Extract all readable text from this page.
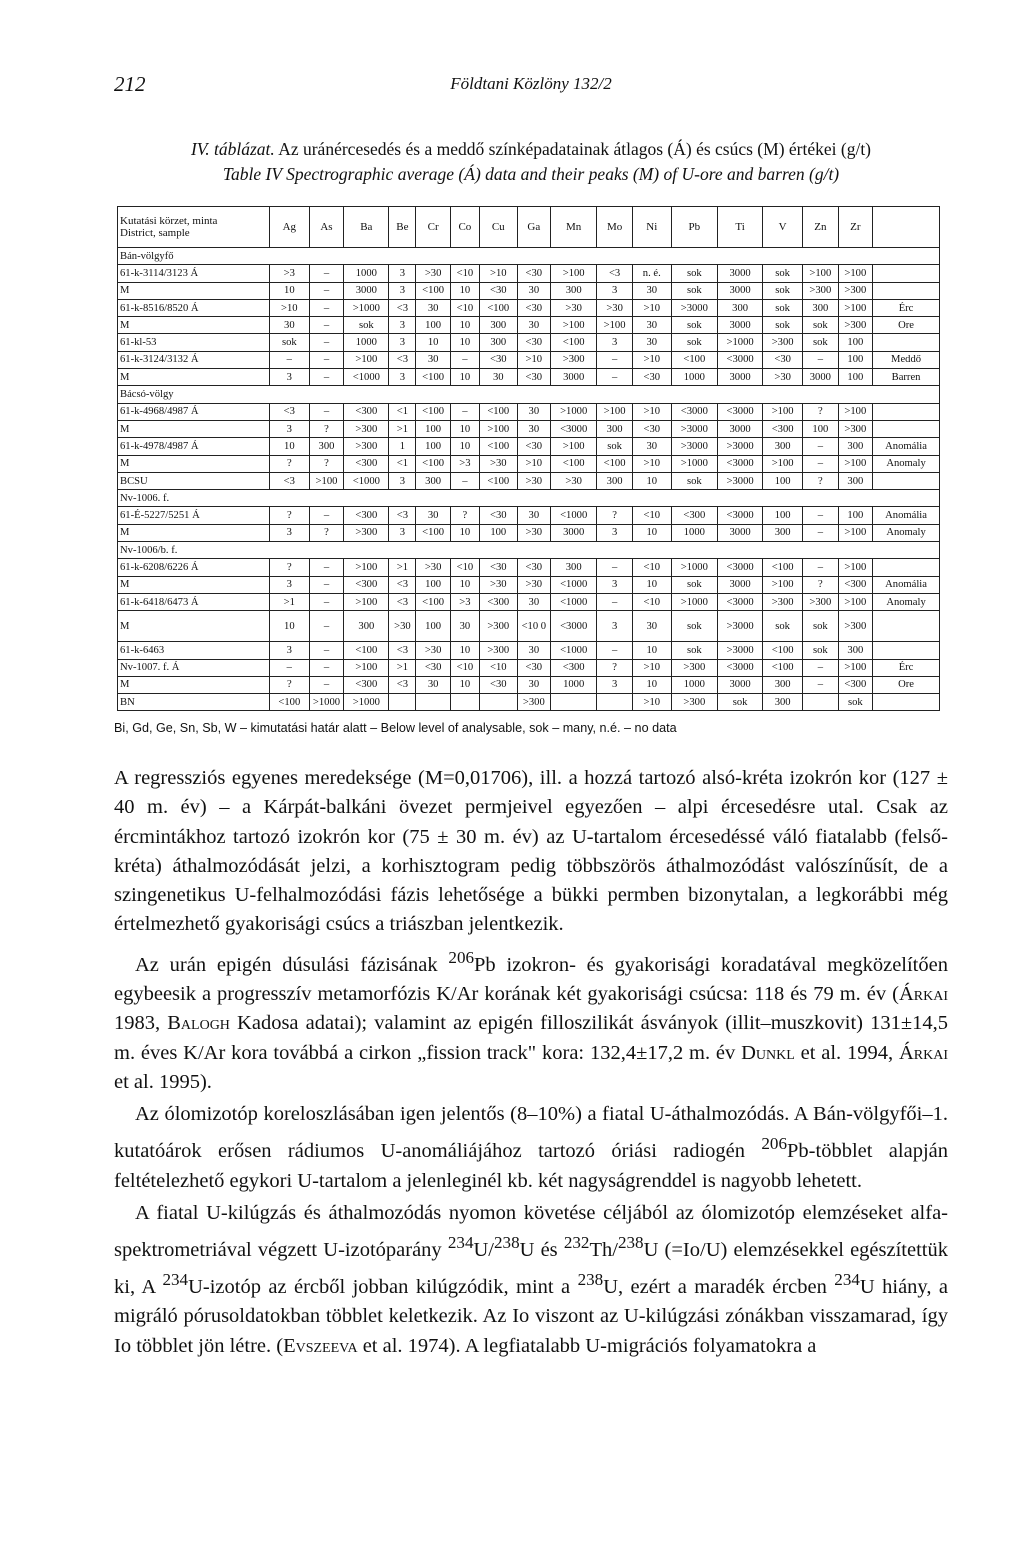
212	Földtani Közlöny 132/2
IV. táblázat. Az uránércesedés és a meddő színképadatainak átlagos (Á) és csúcs (M) értékei (g/t)
Table IV Spectrographic average (Á) data and their peaks (M) of U-ore and barren (g/t)
Kutatási körzet, minta
District, sample	Ag	As	Ba	Be	Cr	Co	Cu	Ga	Mn	Mo	Ni	Pb	Ti	V	Zn	Zr	
Bán-völgyfő																	
61-k-3114/3123 Á	>3	–	1000	3	>30	<10	>10	<30	>100	<3	n. é.	sok	3000	sok	>100	>100	
M	10	–	3000	3	<100	10	<30	30	300	3	30	sok	3000	sok	>300	>300	
61-k-8516/8520 Á	>10	–	>1000	<3	30	<10	<100	<30	>30	>30	>10	>3000	300	sok	300	>100	Érc
M	30	–	sok	3	100	10	300	30	>100	>100	30	sok	3000	sok	sok	>300	Ore
61-kl-53	sok	–	1000	3	10	10	300	<30	<100	3	30	sok	>1000	>300	sok	100	
61-k-3124/3132 Á	–	–	>100	<3	30	–	<30	>10	>300	–	>10	<100	<3000	<30	–	100	Meddő
M	3	–	<1000	3	<100	10	30	<30	3000	–	<30	1000	3000	>30	3000	100	Barren
Bácsó-völgy																	
61-k-4968/4987 Á	<3	–	<300	<1	<100	–	<100	30	>1000	>100	>10	<3000	<3000	>100	?	>100	
M	3	?	>300	>1	100	10	>100	30	<3000	300	<30	>3000	3000	<300	100	>300	
61-k-4978/4987 Á	10	300	>300	1	100	10	<100	<30	>100	sok	30	>3000	>3000	300	–	300	Anomália
M	?	?	<300	<1	<100	>3	>30	>10	<100	<100	>10	>1000	<3000	>100	–	>100	Anomaly
BCSU	<3	>100	<1000	3	300	–	<100	>30	>30	300	10	sok	>3000	100	?	300	
Nv-1006. f.																	
61-É-5227/5251 Á	?	–	<300	<3	30	?	<30	30	<1000	?	<10	<300	<3000	100	–	100	Anomália
M	3	?	>300	3	<100	10	100	>30	3000	3	10	1000	3000	300	–	>100	Anomaly
Nv-1006/b. f.																	
61-k-6208/6226 Á	?	–	>100	>1	>30	<10	<30	<30	300	–	<10	>1000	<3000	<100	–	>100	
M	3	–	<300	<3	100	10	>30	>30	<1000	3	10	sok	3000	>100	?	<300	Anomália
61-k-6418/6473 Á	>1	–	>100	<3	<100	>3	<300	30	<1000	–	<10	>1000	<3000	>300	>300	>100	Anomaly
M	10	–	300	>30	100	30	>300	<10 0	<3000	3	30	sok	>3000	sok	sok	>300	
61-k-6463	3	–	<100	<3	>30	10	>300	30	<1000	–	10	sok	>3000	<100	sok	300	
Nv-1007. f. Á	–	–	>100	>1	<30	<10	<10	<30	<300	?	>10	>300	<3000	<100	–	>100	Érc
M	?	–	<300	<3	30	10	<30	30	1000	3	10	1000	3000	300	–	<300	Ore
BN	<100	>1000	>1000					>300			>10	>300	sok	300		sok	
Bi, Gd, Ge, Sn, Sb, W – kimutatási határ alatt – Below level of analysable, sok – many, n.é. – no data

A regressziós egyenes meredeksége (M=0,01706), ill. a hozzá tartozó alsó-kréta izokrón kor (127 ± 40 m. év) – a Kárpát-balkáni övezet permjeivel egyezően – alpi ércesedésre utal. Csak az ércmintákhoz tartozó izokrón kor (75 ± 30 m. év) az U-tartalom ércesedéssé váló fiatalabb (felső-kréta) áthalmozódását jelzi, a korhisztogram pedig többszörös áthalmozódást valószínűsít, de a szingenetikus U-felhalmozódási fázis lehetősége a bükki permben bizonytalan, a legkorábbi még értelmezhető gyakorisági csúcs a triászban jelentkezik.

Az urán epigén dúsulási fázisának $^{206}$Pb izokron- és gyakorisági koradatával megközelítően egybeesik a progresszív metamorfózis K/Ar korának két gyakorisági csúcsa: 118 és 79 m. év (Árkai 1983, Balogh Kadosa adatai); valamint az epigén filloszilikát ásványok (illit–muszkovit) 131±14,5 m. éves K/Ar kora továbbá a cirkon „fission track" kora: 132,4±17,2 m. év Dunkl et al. 1994, Árkai et al. 1995).

Az ólomizotóp koreloszlásában igen jelentős (8–10%) a fiatal U-áthalmozódás. A Bán-völgyfői–1. kutatóárok erősen rádiumos U-anomáliájához tartozó óriási radiogén $^{206}$Pb-többlet alapján feltételezhető egykori U-tartalom a jelenleginél kb. két nagyságrenddel is nagyobb lehetett.

A fiatal U-kilúgzás és áthalmozódás nyomon követése céljából az ólomizotóp elemzéseket alfa-spektrometriával végzett U-izotóparány $^{234}$U/$^{238}$U és $^{232}$Th/$^{238}$U (=Io/U) elemzésekkel egészítettük ki, A $^{234}$U-izotóp az ércből jobban kilúgzódik, mint a $^{238}$U, ezért a maradék ércben $^{234}$U hiány, a migráló pórusoldatokban többlet keletkezik. Az Io viszont az U-kilúgzási zónákban visszamarad, így Io többlet jön létre. (Evszeeva et al. 1974). A legfiatalabb U-migrációs folyamatokra a
